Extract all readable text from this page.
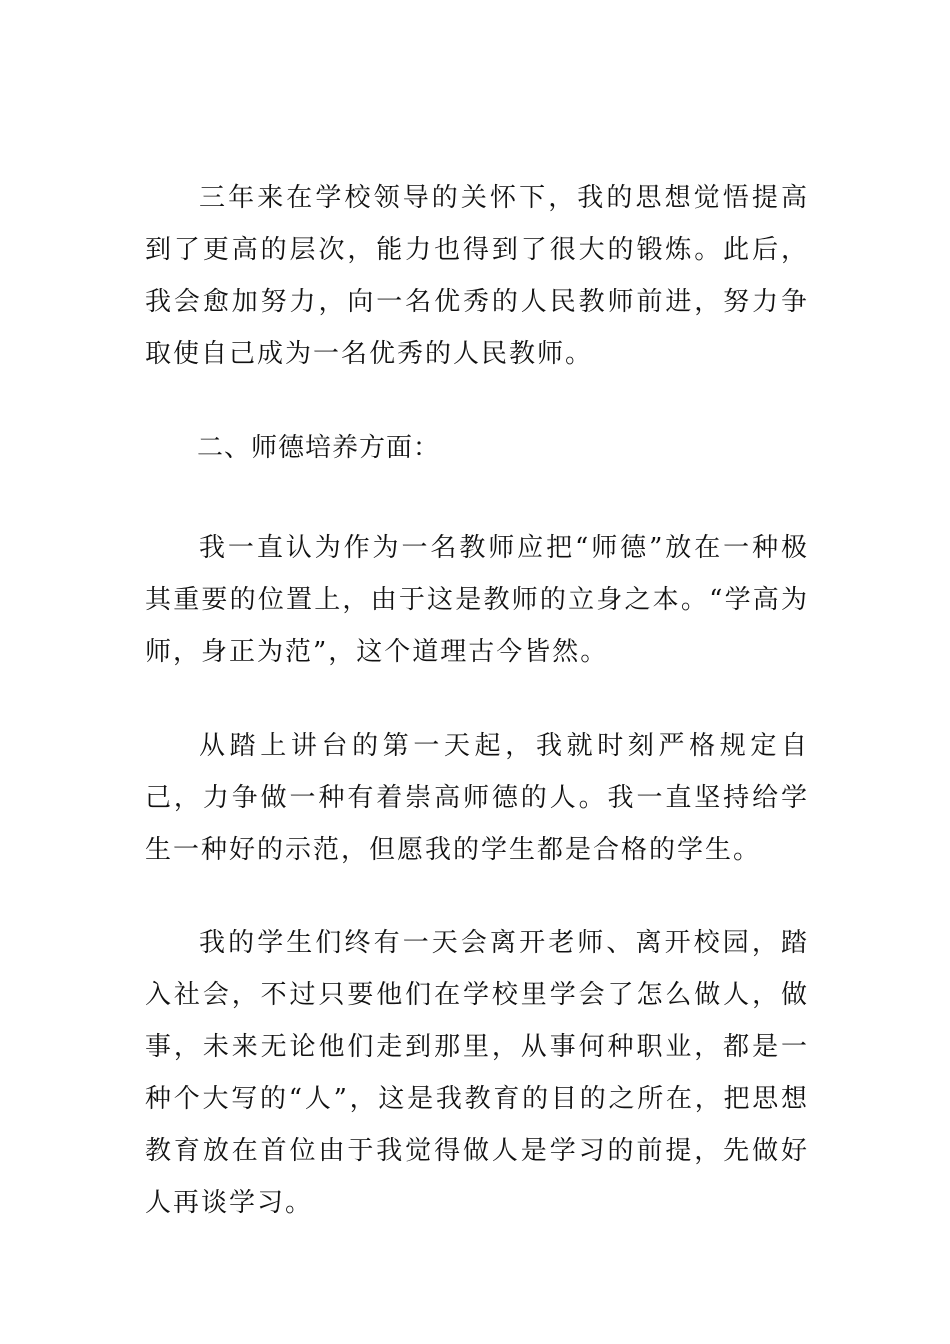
三年来在学校领导的关怀下，我的思想觉悟提高到了更高的层次，能力也得到了很大的锻炼。此后，我会愈加努力，向一名优秀的人民教师前进，努力争取使自己成为一名优秀的人民教师。

二、师德培养方面：

我一直认为作为一名教师应把“师德”放在一种极其重要的位置上，由于这是教师的立身之本。“学高为师，身正为范”，这个道理古今皆然。

从踏上讲台的第一天起，我就时刻严格规定自己，力争做一种有着崇高师德的人。我一直坚持给学生一种好的示范，但愿我的学生都是合格的学生。

我的学生们终有一天会离开老师、离开校园，踏入社会，不过只要他们在学校里学会了怎么做人，做事，未来无论他们走到那里，从事何种职业，都是一种个大写的“人”，这是我教育的目的之所在，把思想教育放在首位由于我觉得做人是学习的前提，先做好人再谈学习。
